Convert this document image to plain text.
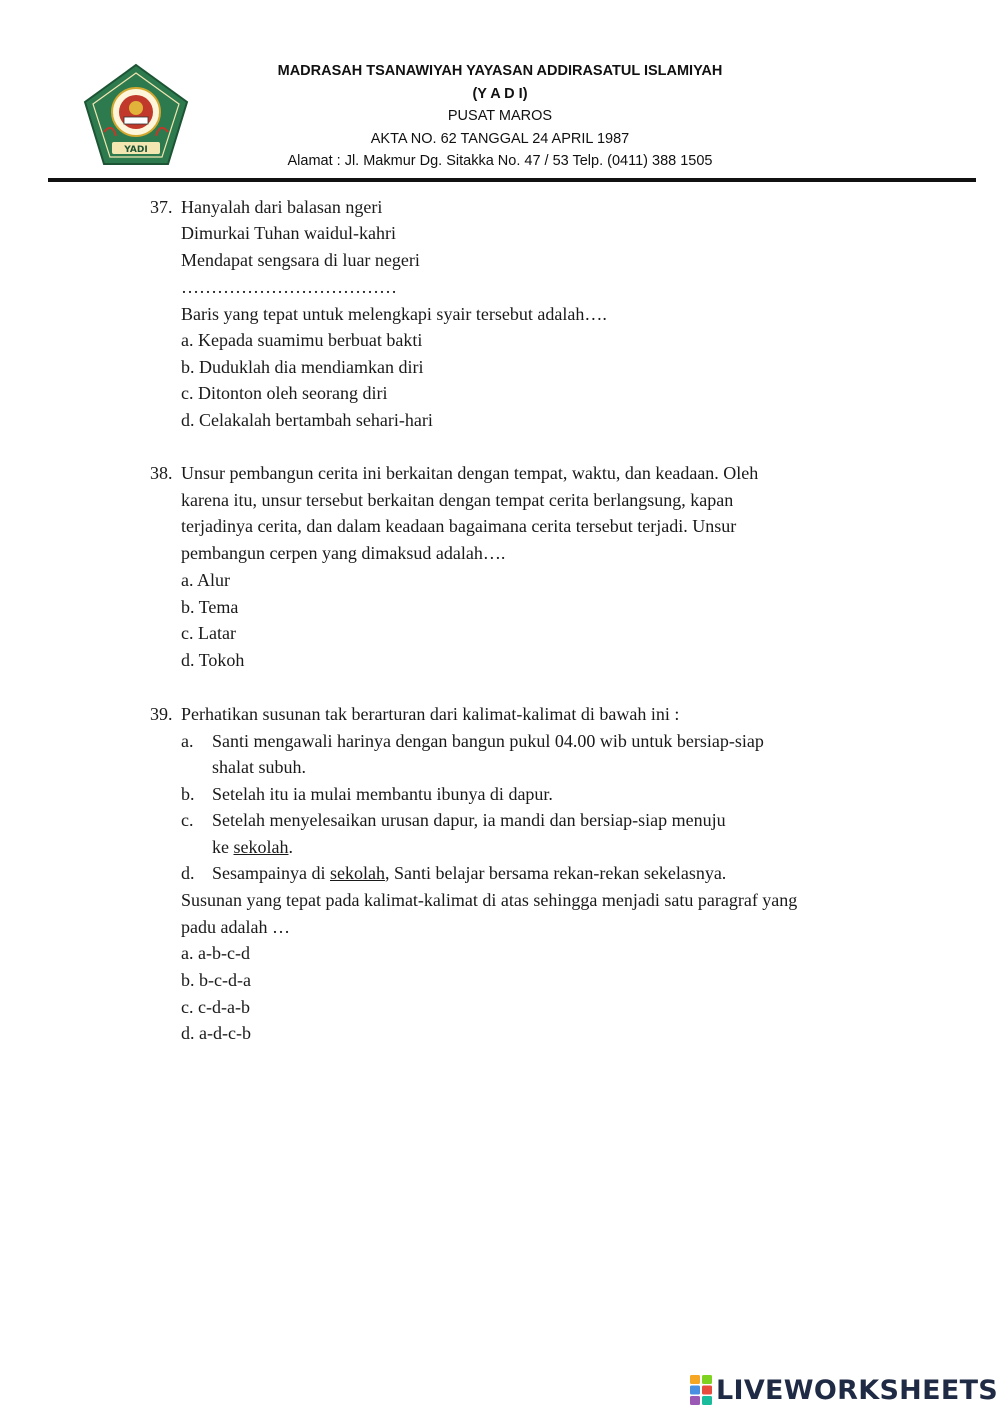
YADI
MADRASAH TSANAWIYAH YAYASAN ADDIRASATUL ISLAMIYAH
(Y A D I)
PUSAT MAROS
AKTA NO. 62 TANGGAL 24 APRIL 1987
Alamat : Jl. Makmur Dg. Sitakka No. 47 / 53 Telp. (0411) 388 1505
37. Hanyalah dari balasan ngeri
Dimurkai Tuhan waidul-kahri
Mendapat sengsara di luar negeri
………………………………
Baris yang tepat untuk melengkapi syair tersebut adalah….
a. Kepada suamimu berbuat bakti
b. Duduklah dia mendiamkan diri
c. Ditonton oleh seorang diri
d. Celakalah bertambah sehari-hari
38. Unsur pembangun cerita ini berkaitan dengan tempat, waktu, dan keadaan. Oleh
karena itu, unsur tersebut berkaitan dengan tempat cerita berlangsung, kapan
terjadinya cerita, dan dalam keadaan bagaimana cerita tersebut terjadi. Unsur
pembangun cerpen yang dimaksud adalah….
a. Alur
b. Tema
c. Latar
d. Tokoh
39. Perhatikan susunan tak berarturan dari kalimat-kalimat di bawah ini :
a. Santi mengawali harinya dengan bangun pukul 04.00 wib untuk bersiap-siap
shalat subuh.
b. Setelah itu ia mulai membantu ibunya di dapur.
c. Setelah menyelesaikan urusan dapur, ia mandi dan bersiap-siap menuju
ke sekolah.
d. Sesampainya di sekolah, Santi belajar bersama rekan-rekan sekelasnya.
Susunan yang tepat pada kalimat-kalimat di atas sehingga menjadi satu paragraf yang
padu adalah …
a. a-b-c-d
b. b-c-d-a
c. c-d-a-b
d. a-d-c-b
LIVEWORKSHEETS
